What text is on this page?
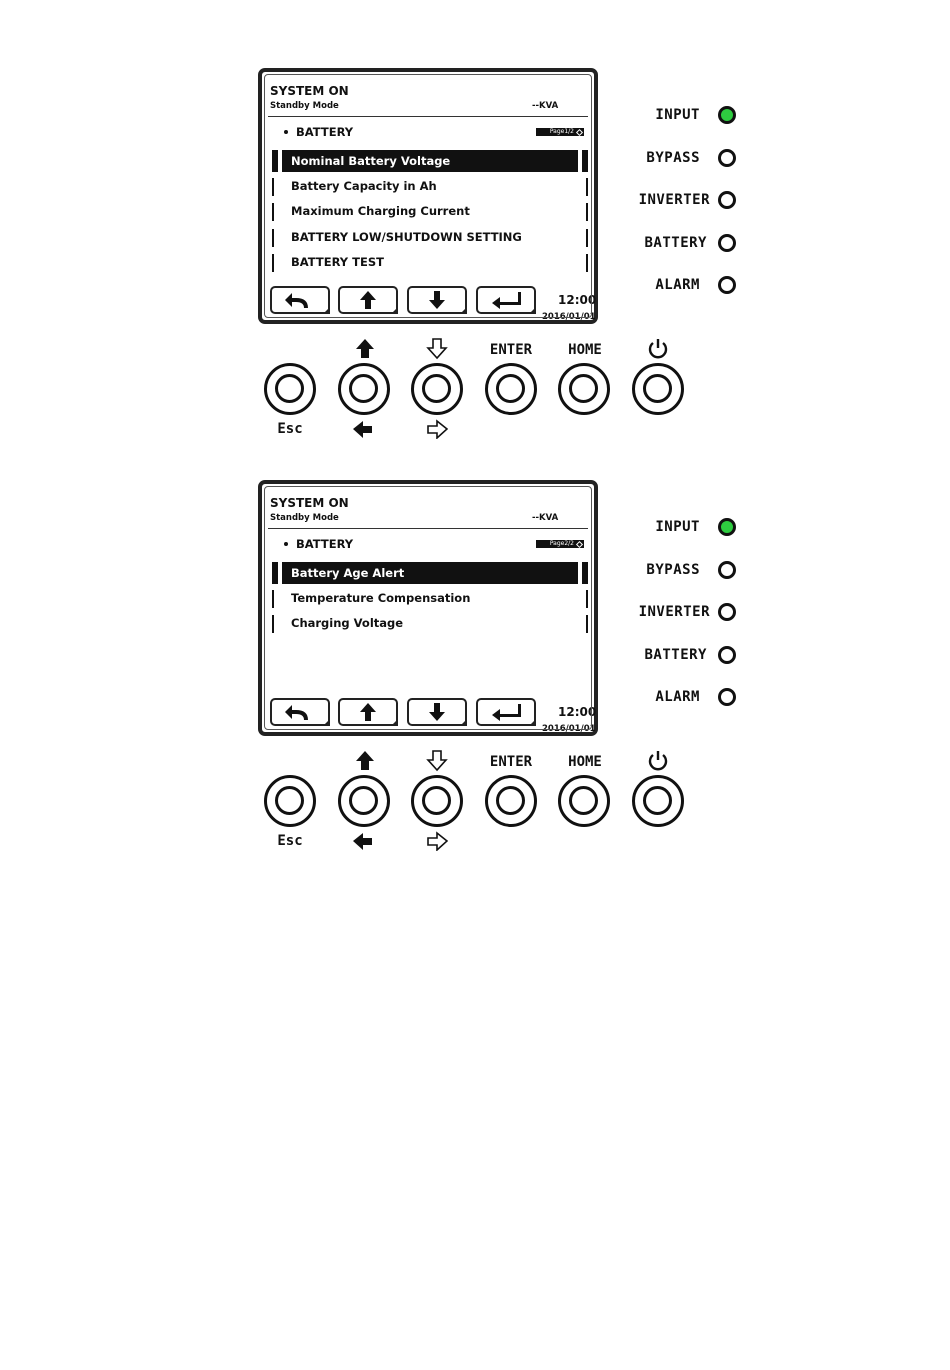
SYSTEM ON
Standby Mode	--KVA
BATTERY	Page1/2
Nominal Battery Voltage
Battery Capacity in Ah
Maximum Charging Current
BATTERY LOW/SHUTDOWN SETTING
BATTERY TEST
12:00
2016/01/01
INPUT
BYPASS
INVERTER
BATTERY
ALARM
ENTER	HOME
Esc
SYSTEM ON
Standby Mode	--KVA
BATTERY	Page2/2
Battery Age Alert
Temperature Compensation
Charging Voltage
12:00
2016/01/01
INPUT
BYPASS
INVERTER
BATTERY
ALARM
ENTER	HOME
Esc
